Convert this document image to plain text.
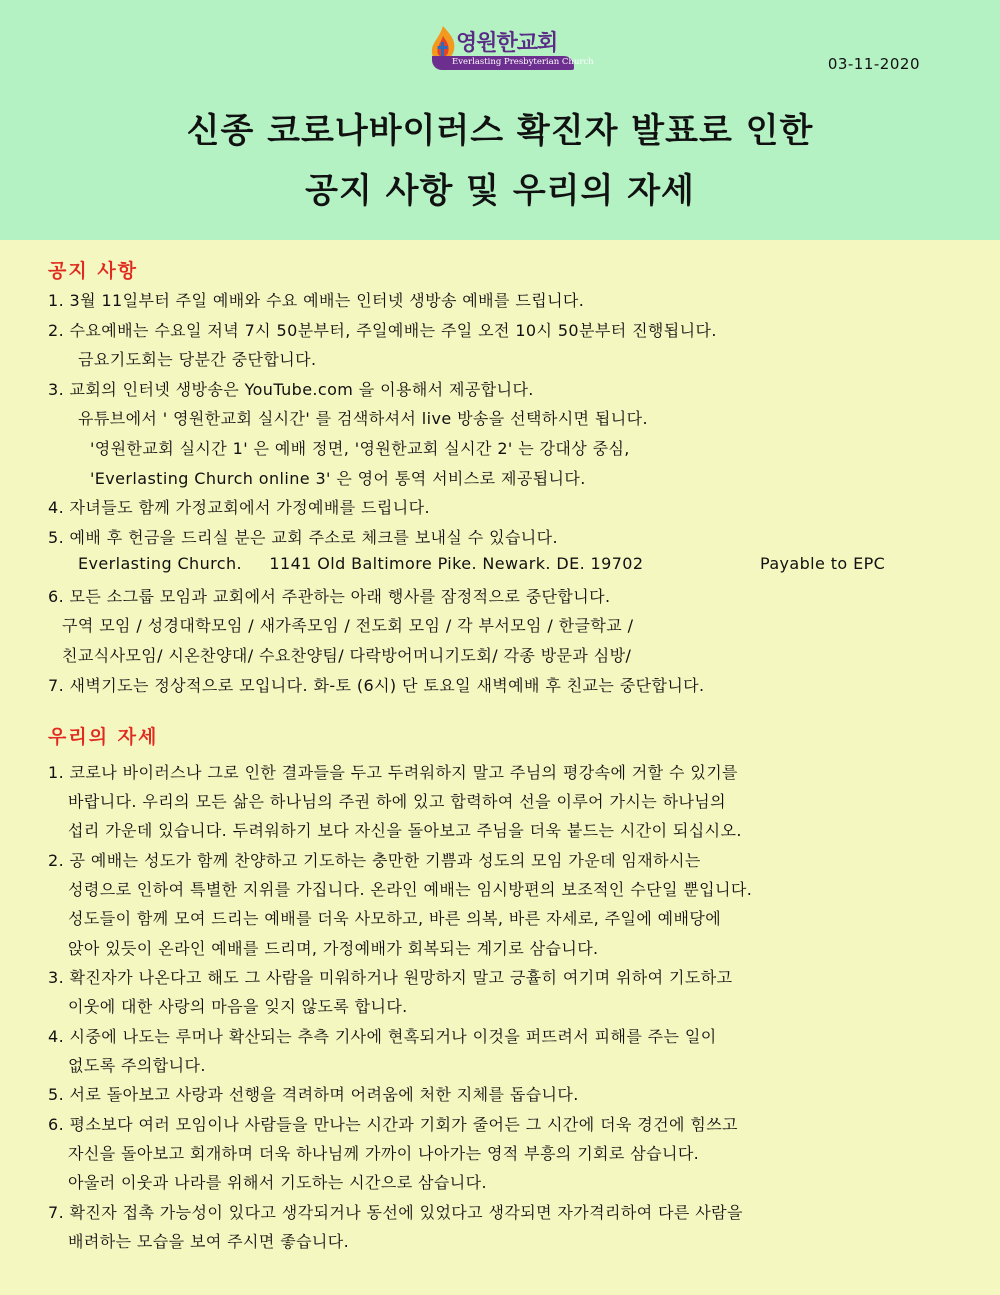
영원한교회
Everlasting Presbyterian Church	03-11-2020
신종 코로나바이러스 확진자 발표로 인한
공지 사항 및 우리의 자세
공지 사항
1. 3월 11일부터 주일 예배와 수요 예배는 인터넷 생방송 예배를 드립니다.
2. 수요예배는 수요일 저녁 7시 50분부터, 주일예배는 주일 오전 10시 50분부터 진행됩니다.
금요기도회는 당분간 중단합니다.
3. 교회의 인터넷 생방송은 YouTube.com 을 이용해서 제공합니다.
유튜브에서 ' 영원한교회 실시간' 를 검색하셔서 live 방송을 선택하시면 됩니다.
'영원한교회 실시간 1' 은 예배 정면, '영원한교회 실시간 2' 는 강대상 중심,
'Everlasting Church online 3' 은 영어 통역 서비스로 제공됩니다.
4. 자녀들도 함께 가정교회에서 가정예배를 드립니다.
5. 예배 후 헌금을 드리실 분은 교회 주소로 체크를 보내실 수 있습니다.
Everlasting Church.     1141 Old Baltimore Pike. Newark. DE. 19702	Payable to EPC
6. 모든 소그룹 모임과 교회에서 주관하는 아래 행사를 잠정적으로 중단합니다.
구역 모임 / 성경대학모임 / 새가족모임 / 전도회 모임 / 각 부서모임 / 한글학교 /
친교식사모임/ 시온찬양대/ 수요찬양팀/ 다락방어머니기도회/ 각종 방문과 심방/
7. 새벽기도는 정상적으로 모입니다. 화-토 (6시) 단 토요일 새벽예배 후 친교는 중단합니다.
우리의 자세
1. 코로나 바이러스나 그로 인한 결과들을 두고 두려워하지 말고 주님의 평강속에 거할 수 있기를
바랍니다. 우리의 모든 삶은 하나님의 주권 하에 있고 합력하여 선을 이루어 가시는 하나님의
섭리 가운데 있습니다. 두려워하기 보다 자신을 돌아보고 주님을 더욱 붙드는 시간이 되십시오.
2. 공 예배는 성도가 함께 찬양하고 기도하는 충만한 기쁨과 성도의 모임 가운데 임재하시는
성령으로 인하여 특별한 지위를 가집니다. 온라인 예배는 임시방편의 보조적인 수단일 뿐입니다.
성도들이 함께 모여 드리는 예배를 더욱 사모하고, 바른 의복, 바른 자세로, 주일에 예배당에
앉아 있듯이 온라인 예배를 드리며, 가정예배가 회복되는 계기로 삼습니다.
3. 확진자가 나온다고 해도 그 사람을 미워하거나 원망하지 말고 긍휼히 여기며 위하여 기도하고
이웃에 대한 사랑의 마음을 잊지 않도록 합니다.
4. 시중에 나도는 루머나 확산되는 추측 기사에 현혹되거나 이것을 퍼뜨려서 피해를 주는 일이
없도록 주의합니다.
5. 서로 돌아보고 사랑과 선행을 격려하며 어려움에 처한 지체를 돕습니다.
6. 평소보다 여러 모임이나 사람들을 만나는 시간과 기회가 줄어든 그 시간에 더욱 경건에 힘쓰고
자신을 돌아보고 회개하며 더욱 하나님께 가까이 나아가는 영적 부흥의 기회로 삼습니다.
아울러 이웃과 나라를 위해서 기도하는 시간으로 삼습니다.
7. 확진자 접촉 가능성이 있다고 생각되거나 동선에 있었다고 생각되면 자가격리하여 다른 사람을
배려하는 모습을 보여 주시면 좋습니다.
